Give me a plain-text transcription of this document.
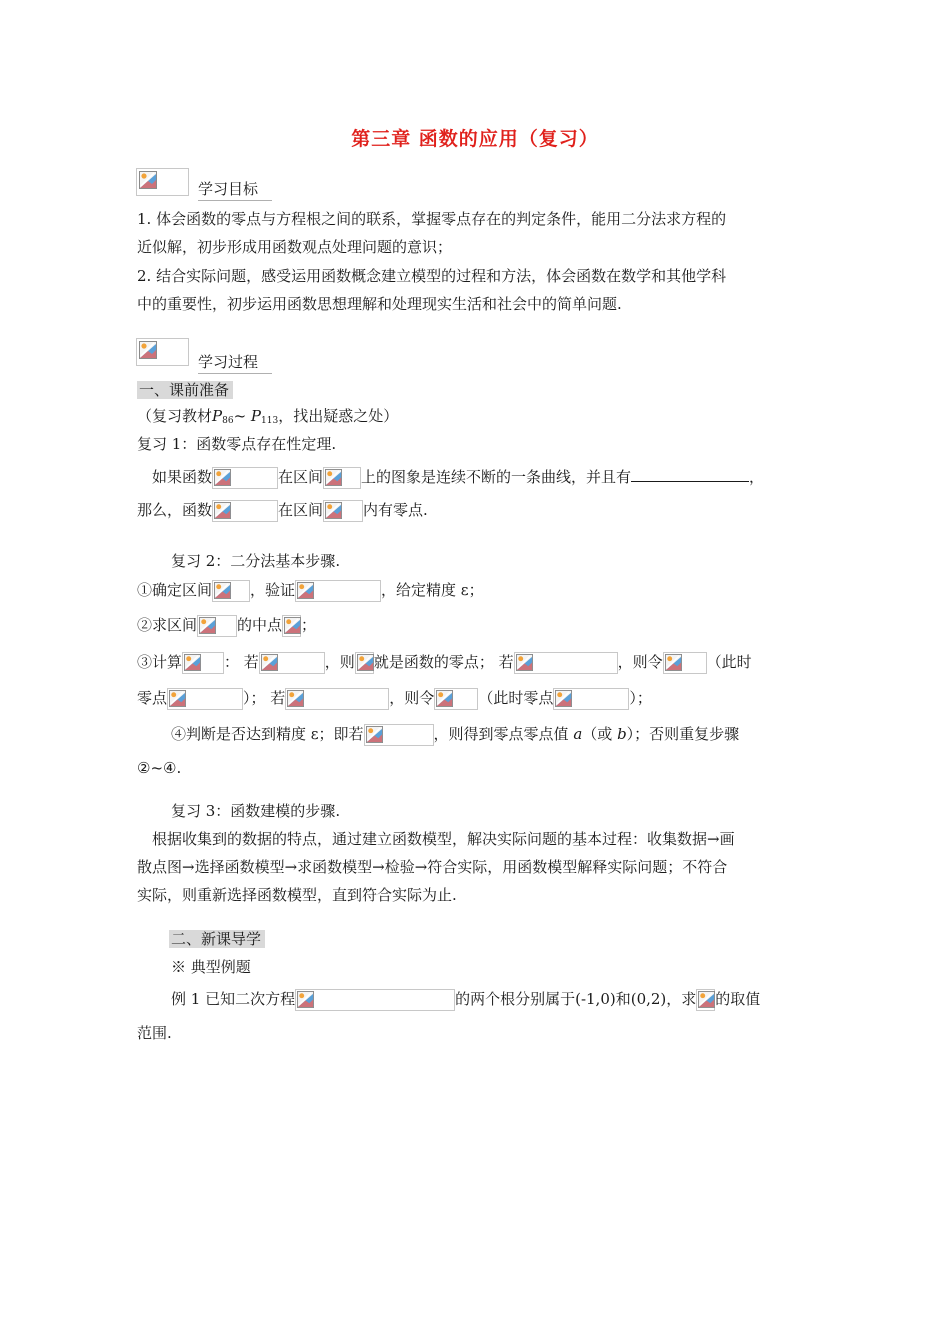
第三章 函数的应用（复习）
学习目标
1. 体会函数的零点与方程根之间的联系，掌握零点存在的判定条件，能用二分法求方程的
近似解，初步形成用函数观点处理问题的意识；
2. 结合实际问题，感受运用函数概念建立模型的过程和方法，体会函数在数学和其他学科
中的重要性，初步运用函数思想理解和处理现实生活和社会中的简单问题.
学习过程
一、课前准备
（复习教材$P_{86}\sim$ $P_{113}$，找出疑惑之处）
复习 1：函数零点存在性定理.
如果函数	在区间	上的图象是连续不断的一条曲线，并且有	，
那么，函数	在区间	内有零点.
复习 2：二分法基本步骤.
①确定区间	，验证	，给定精度 ε；
②求区间	的中点 ；
③计算	： 若	，则 就是函数的零点； 若	，则令	（此时
零点	）； 若	，则令	（此时零点	）；
④判断是否达到精度 ε；即若	，则得到零点零点值 a（或 b）；否则重复步骤
②~④.
复习 3：函数建模的步骤.
根据收集到的数据的特点，通过建立函数模型，解决实际问题的基本过程：收集数据→画
散点图→选择函数模型→求函数模型→检验→符合实际，用函数模型解释实际问题；不符合
实际，则重新选择函数模型，直到符合实际为止.
二、新课导学
※ 典型例题
例 1 已知二次方程	的两个根分别属于(-1,0)和(0,2)，求 的取值
范围.
